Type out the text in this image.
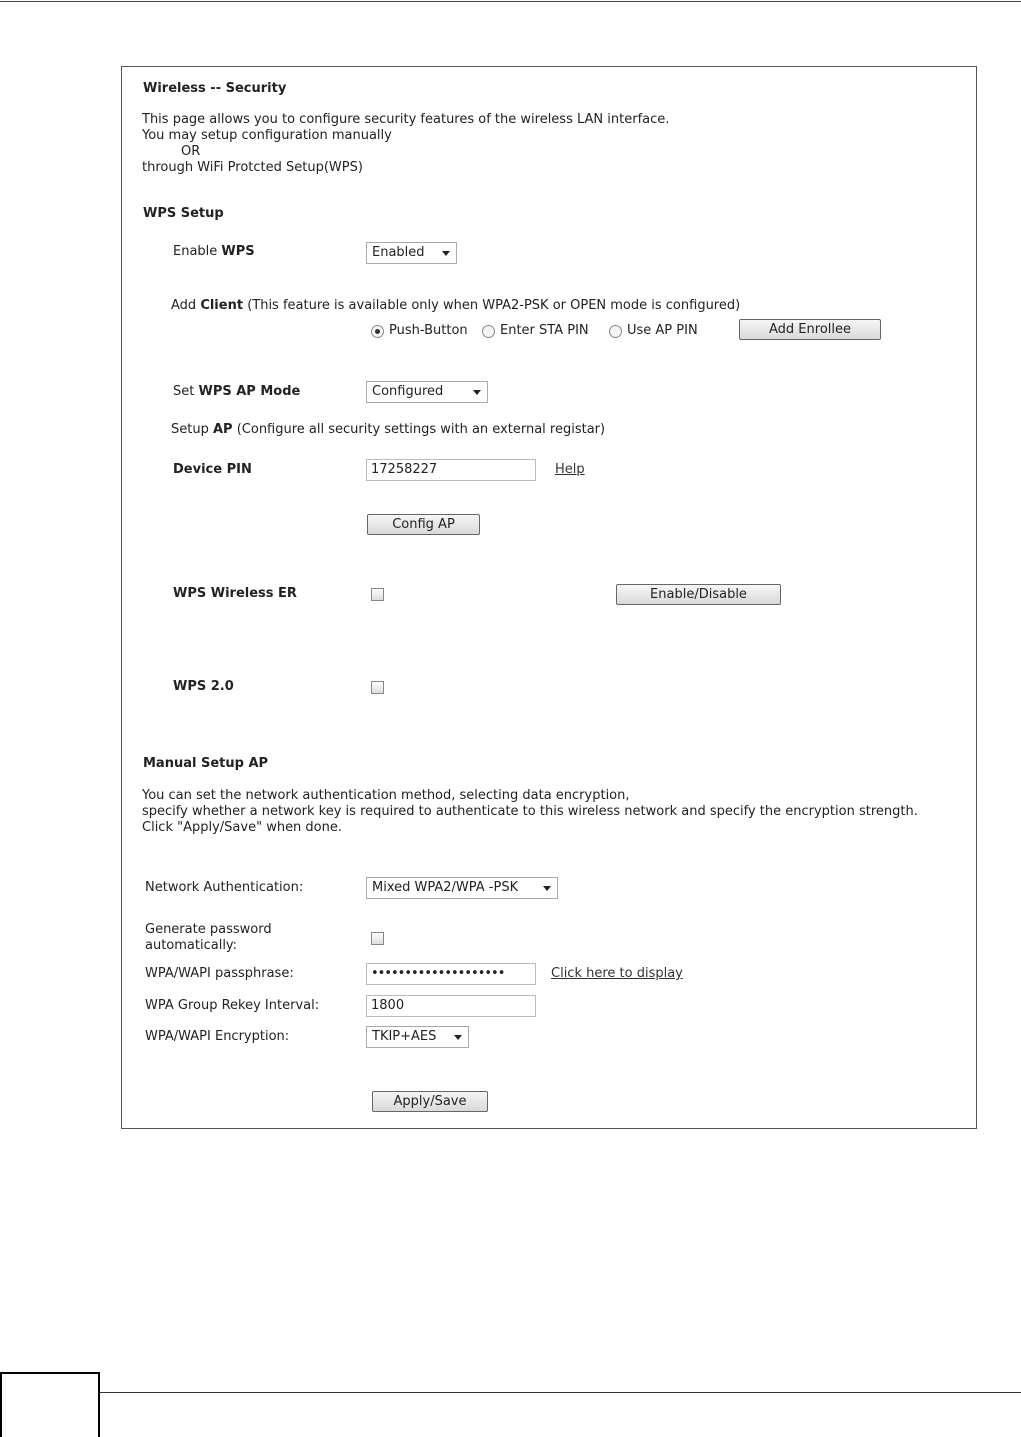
Wireless -- Security
This page allows you to configure security features of the wireless LAN interface.
You may setup configuration manually
OR
through WiFi Protcted Setup(WPS)
WPS Setup
Enable WPS	Enabled
Add Client (This feature is available only when WPA2-PSK or OPEN mode is configured)
Push-Button Enter STA PIN	Use AP PIN	Add Enrollee
Set WPS AP Mode	Configured
Setup AP (Configure all security settings with an external registar)
Device PIN	17258227	Help
Config AP
WPS Wireless ER	Enable/Disable
WPS 2.0
Manual Setup AP
You can set the network authentication method, selecting data encryption,
specify whether a network key is required to authenticate to this wireless network and specify the encryption strength.
Click "Apply/Save" when done.
Network Authentication:	Mixed WPA2/WPA -PSK
Generate password
automatically:
WPA/WAPI passphrase:	••••••••••••••••••••	Click here to display
WPA Group Rekey Interval:	1800
WPA/WAPI Encryption:	TKIP+AES
Apply/Save
